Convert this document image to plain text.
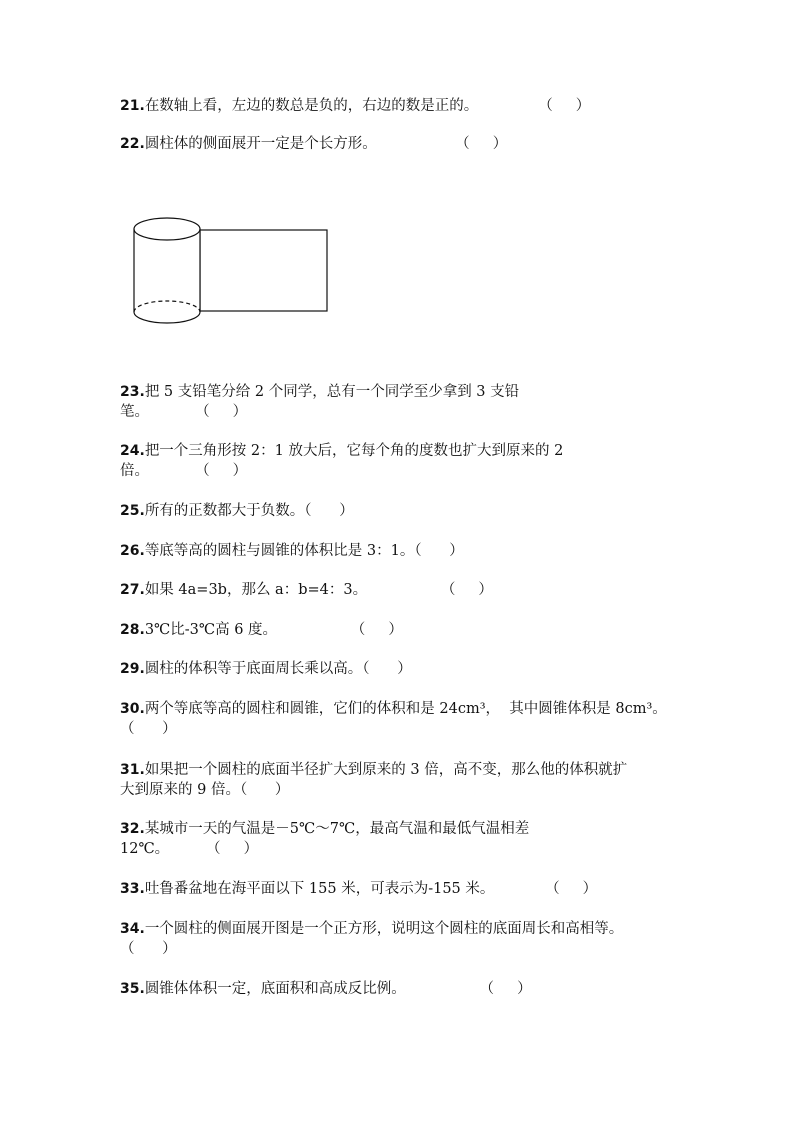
21.在数轴上看，左边的数总是负的，右边的数是正的。             （     ）
22.圆柱体的侧面展开一定是个长方形。                 （     ）
23.把 5 支铅笔分给 2 个同学，总有一个同学至少拿到 3 支铅
笔。          （     ）
24.把一个三角形按 2：1 放大后，它每个角的度数也扩大到原来的 2
倍。          （     ）
25.所有的正数都大于负数。（      ）
26.等底等高的圆柱与圆锥的体积比是 3：1。（      ）
27.如果 4a=3b，那么 a：b=4：3。                （     ）
28.3℃比-3℃高 6 度。                （     ）
29.圆柱的体积等于底面周长乘以高。（      ）
30.两个等底等高的圆柱和圆锥，它们的体积和是 24cm³，  其中圆锥体积是 8cm³。
（      ）
31.如果把一个圆柱的底面半径扩大到原来的 3 倍，高不变，那么他的体积就扩
大到原来的 9 倍。（      ）
32.某城市一天的气温是－5℃～7℃，最高气温和最低气温相差
12℃。        （     ）
33.吐鲁番盆地在海平面以下 155 米，可表示为-155 米。           （     ）
34.一个圆柱的侧面展开图是一个正方形，说明这个圆柱的底面周长和高相等。
（      ）
35.圆锥体体积一定，底面积和高成反比例。                （     ）
